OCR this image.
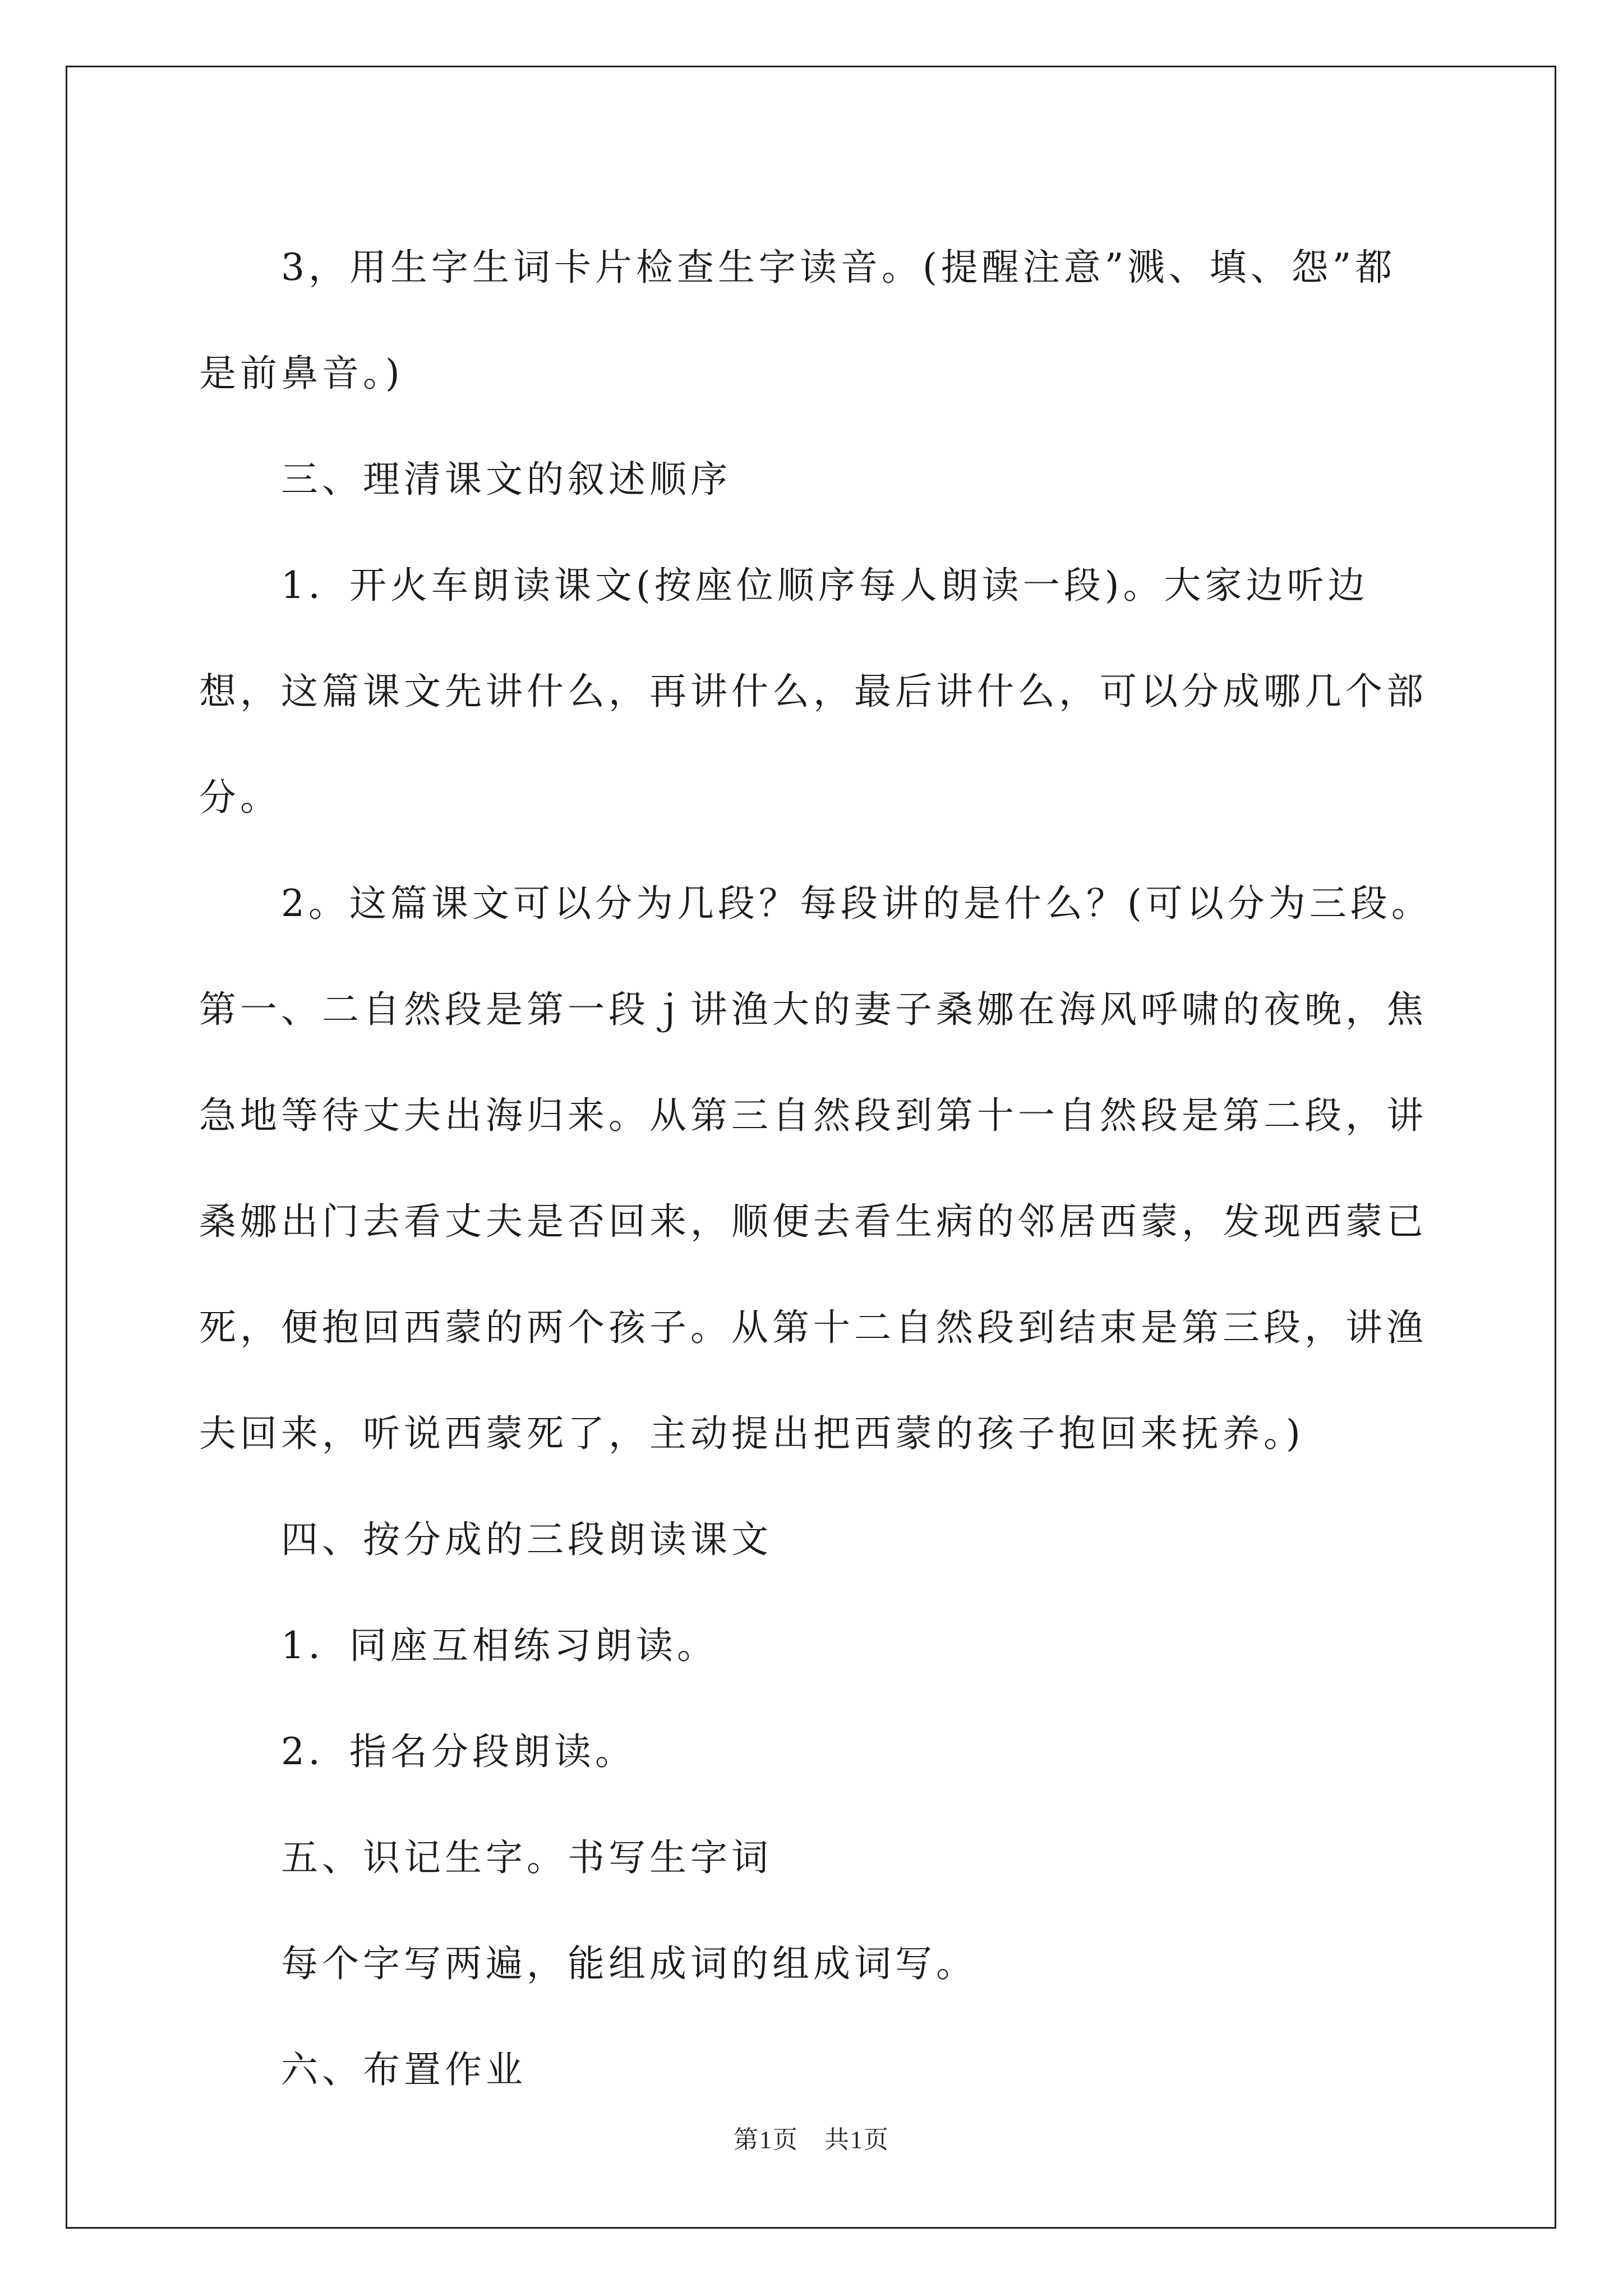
3，用生字生词卡片检查生字读音。(提醒注意”溅、填、怨”都是前鼻音。)

三、理清课文的叙述顺序

1．开火车朗读课文(按座位顺序每人朗读一段)。大家边听边想，这篇课文先讲什么，再讲什么，最后讲什么，可以分成哪几个部分。

2。这篇课文可以分为几段？每段讲的是什么？(可以分为三段。第一、二自然段是第一段ｊ讲渔大的妻子桑娜在海风呼啸的夜晚，焦急地等待丈夫出海归来。从第三自然段到第十一自然段是第二段，讲桑娜出门去看丈夫是否回来，顺便去看生病的邻居西蒙，发现西蒙已死，便抱回西蒙的两个孩子。从第十二自然段到结束是第三段，讲渔夫回来，听说西蒙死了，主动提出把西蒙的孩子抱回来抚养。)

四、按分成的三段朗读课文

1．同座互相练习朗读。

2．指名分段朗读。

五、识记生字。书写生字词

每个字写两遍，能组成词的组成词写。

六、布置作业

第1页　共1页
